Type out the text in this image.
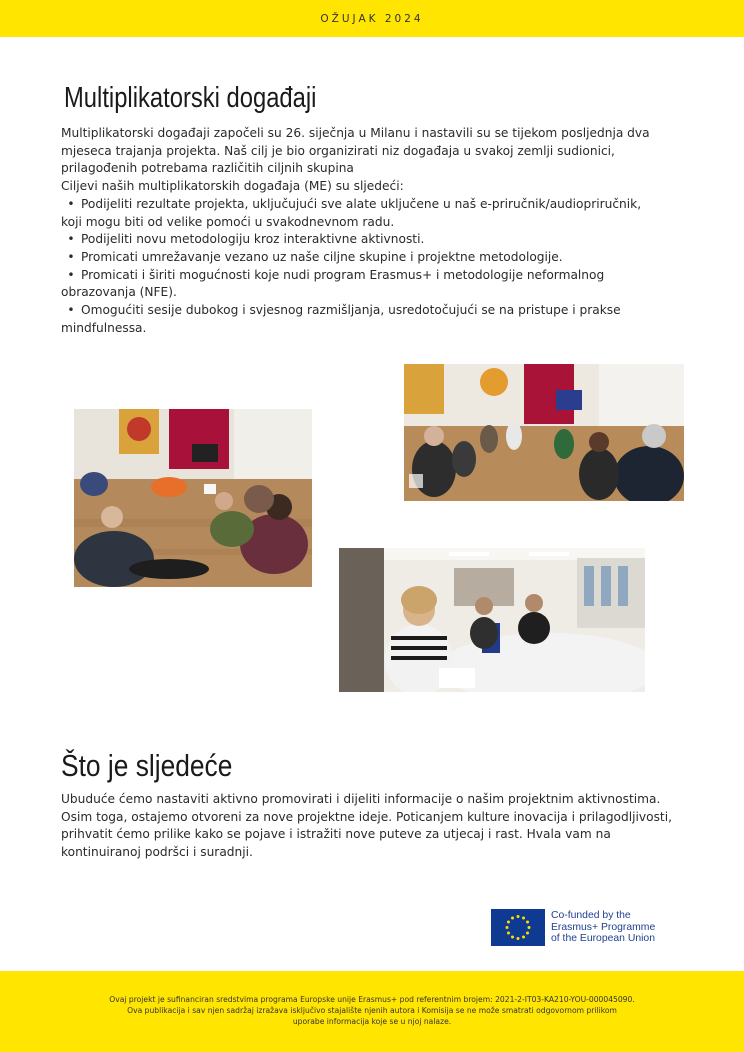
OŽUJAK 2024
Multiplikatorski događaji

Multiplikatorski događaji započeli su 26. siječnja u Milanu i nastavili su se tijekom posljednja dva

mjeseca trajanja projekta. Naš cilj je bio organizirati niz događaja u svakoj zemlji sudionici,

prilagođenih potrebama različitih ciljnih skupina

Ciljevi naših multiplikatorskih događaja (ME) su sljedeći:

• Podijeliti rezultate projekta, uključujući sve alate uključene u naš e-priručnik/audiopriručnik,

koji mogu biti od velike pomoći u svakodnevnom radu.

• Podijeliti novu metodologiju kroz interaktivne aktivnosti.
• Promicati umrežavanje vezano uz naše ciljne skupine i projektne metodologije.
• Promicati i širiti mogućnosti koje nudi program Erasmus+ i metodologije neformalnog

obrazovanja (NFE).

• Omogućiti sesije dubokog i svjesnog razmišljanja, usredotočujući se na pristupe i prakse

mindfulnessa.

Što je sljedeće

Ubuduće ćemo nastaviti aktivno promovirati i dijeliti informacije o našim projektnim aktivnostima.

Osim toga, ostajemo otvoreni za nove projektne ideje. Poticanjem kulture inovacija i prilagodljivosti,

prihvatit ćemo prilike kako se pojave i istražiti nove puteve za utjecaj i rast. Hvala vam na

kontinuiranoj podršci i suradnji.

Co-funded by the
Erasmus+ Programme
of the European Union
Ovaj projekt je sufinanciran sredstvima programa Europske unije Erasmus+ pod referentnim brojem: 2021-2-IT03-KA210-YOU-000045090.
Ova publikacija i sav njen sadržaj izražava isključivo stajalište njenih autora i Komisija se ne može smatrati odgovornom prilikom
uporabe informacija koje se u njoj nalaze.
